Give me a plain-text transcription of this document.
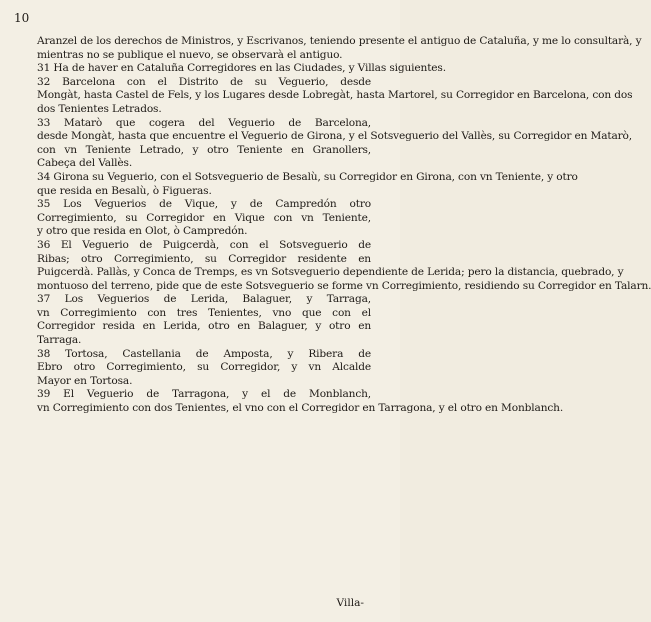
10
Aranzel de los derechos de Ministros, y Escrivanos, teniendo presente el antiguo de Cataluña, y me lo consultarà, y
mientras no se publique el nuevo, se observarà el antiguo.
31 Ha de haver en Cataluña Corregidores en las Ciudades, y Villas siguientes.
32 Barcelona con el Distrito de su Veguerio, desde
Mongàt, hasta Castel de Fels, y los Lugares desde Lobregàt, hasta Martorel, su Corregidor en Barcelona, con dos
dos Tenientes Letrados.
33 Matarò que cogera del Veguerio de Barcelona,
desde Mongàt, hasta que encuentre el Veguerio de Girona, y el Sotsveguerio del Vallès, su Corregidor en Matarò,
con vn Teniente Letrado, y otro Teniente en Granollers,
Cabeça del Vallès.
34 Girona su Veguerio, con el Sotsveguerio de Besalù, su Corregidor en Girona, con vn Teniente, y otro
que resida en Besalù, ò Figueras.
35 Los Veguerios de Vique, y de Campredón otro
Corregimiento, su Corregidor en Vique con vn Teniente,
y otro que resida en Olot, ò Campredón.
36 El Veguerio de Puigcerdà, con el Sotsveguerio de
Ribas; otro Corregimiento, su Corregidor residente en
Puigcerdà. Pallàs, y Conca de Tremps, es vn Sotsveguerio dependiente de Lerida; pero la distancia, quebrado, y
montuoso del terreno, pide que de este Sotsveguerio se forme vn Corregimiento, residiendo su Corregidor en Talarn.
37 Los Veguerios de Lerida, Balaguer, y Tarraga,
vn Corregimiento con tres Tenientes, vno que con el
Corregidor resida en Lerida, otro en Balaguer, y otro en
Tarraga.
38 Tortosa, Castellania de Amposta, y Ribera de
Ebro otro Corregimiento, su Corregidor, y vn Alcalde
Mayor en Tortosa.
39 El Veguerio de Tarragona, y el de Monblanch,
vn Corregimiento con dos Tenientes, el vno con el Corregidor en Tarragona, y el otro en Monblanch.
Villa-
